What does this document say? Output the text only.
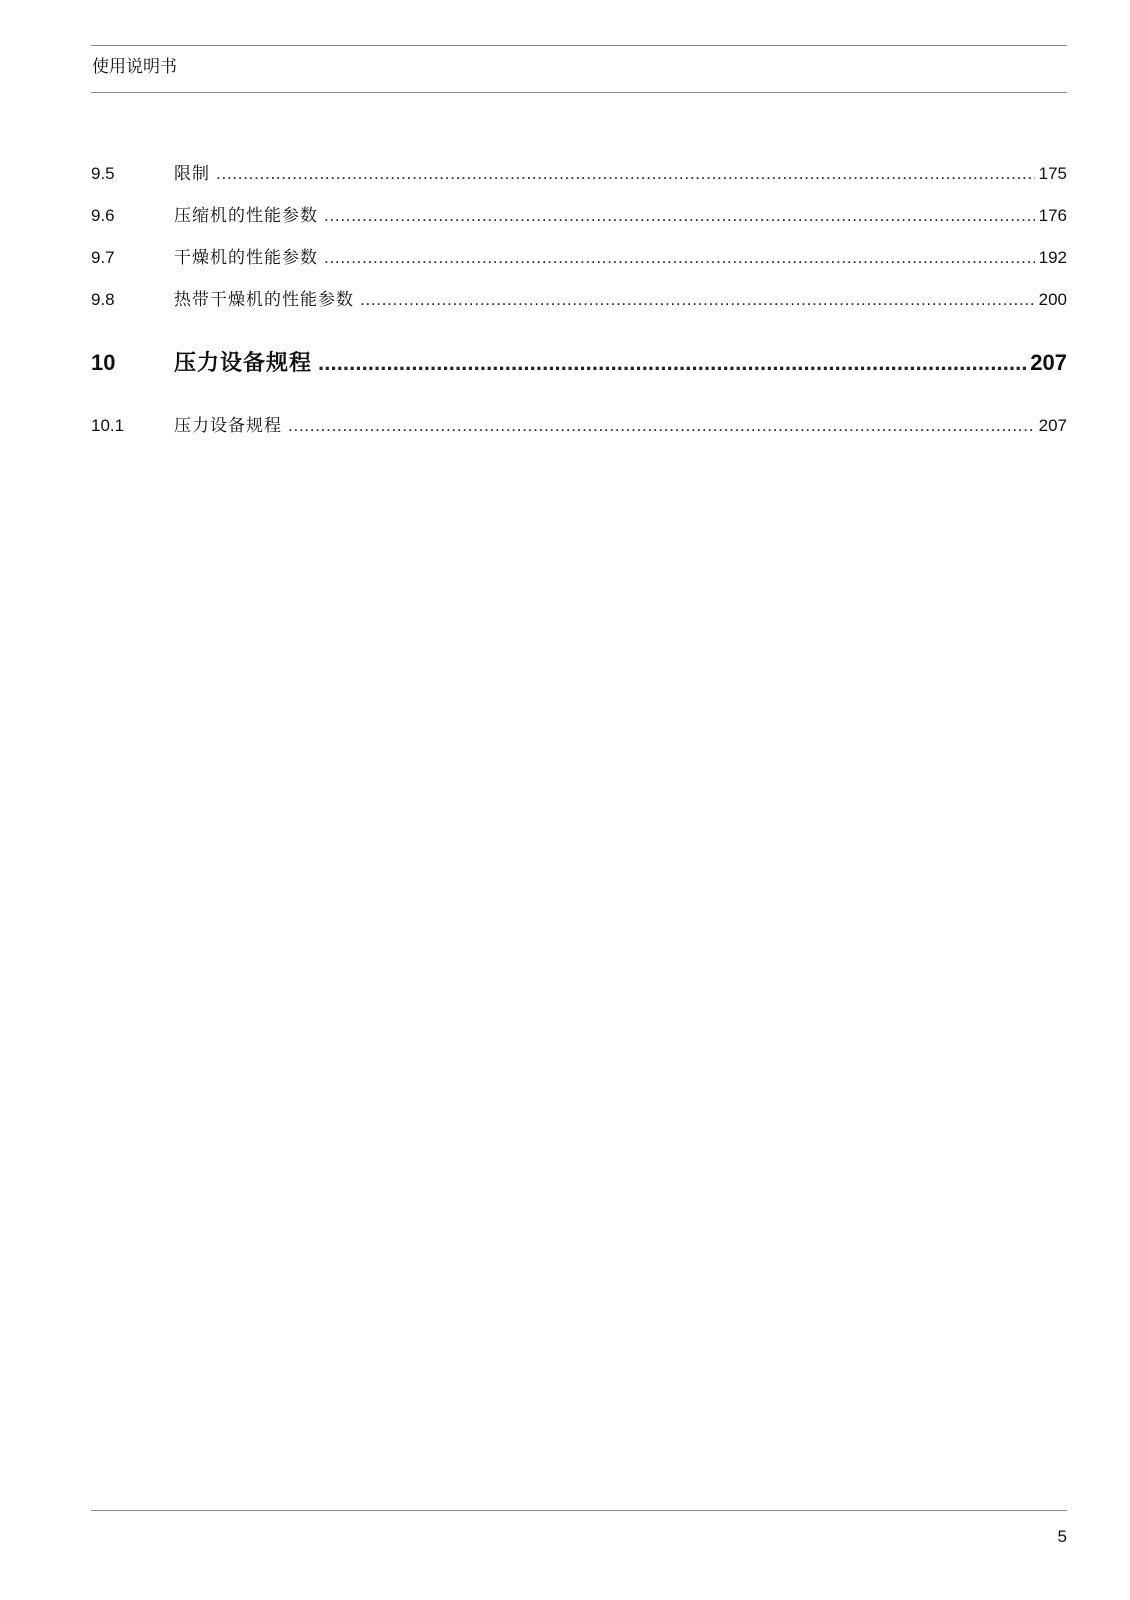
使用说明书
9.5	限制 . . .	175
9.6	压缩机的性能参数 . . .	176
9.7	干燥机的性能参数 . . .	192
9.8	热带干燥机的性能参数 . . .	200
10	压力设备规程 . . .	207
10.1	压力设备规程 . . .	207
5
